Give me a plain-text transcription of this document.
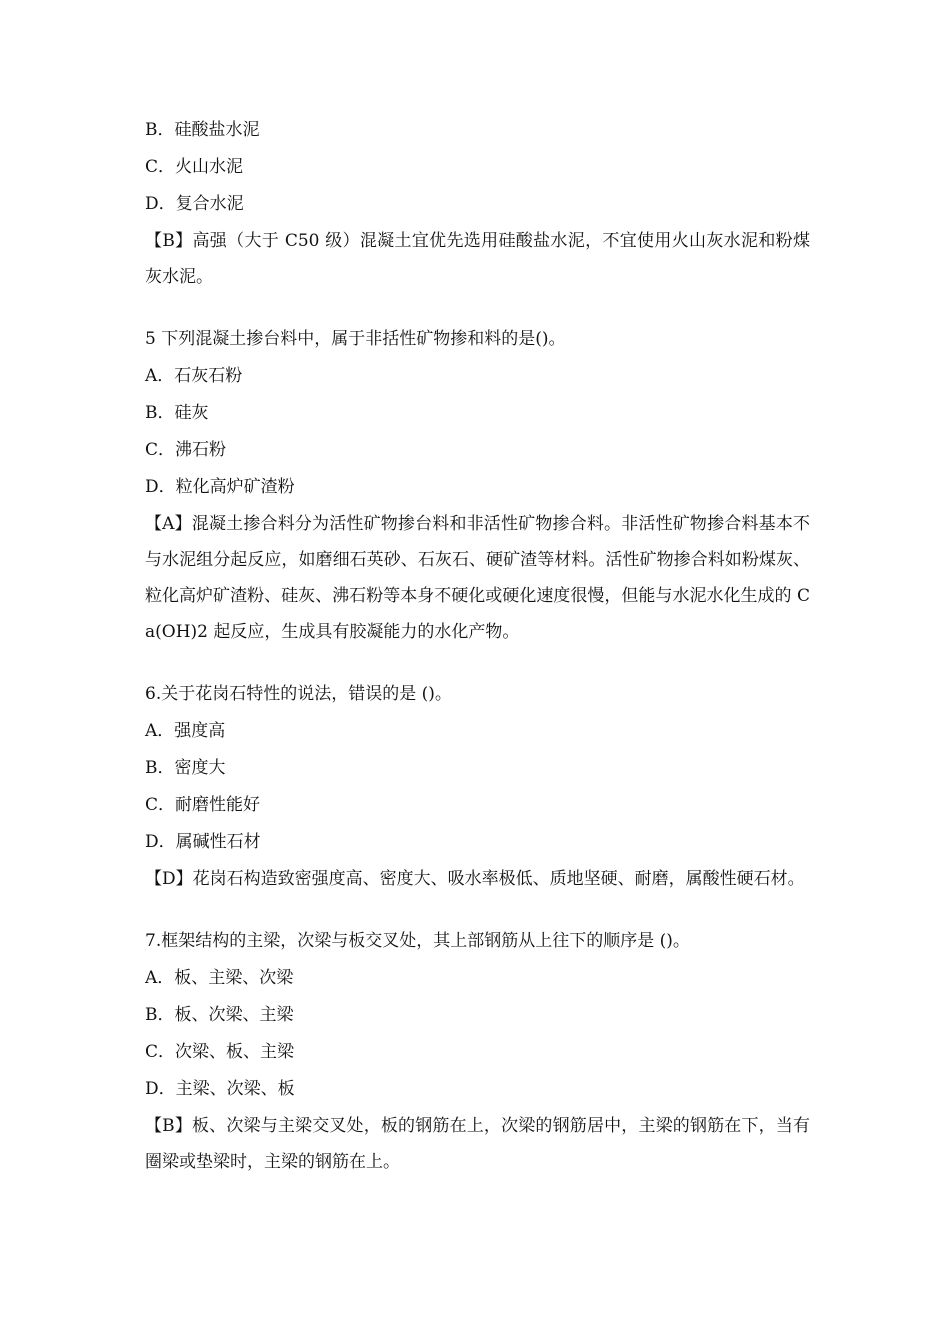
B．硅酸盐水泥
C．火山水泥
D．复合水泥
【B】高强（大于 C50 级）混凝土宜优先选用硅酸盐水泥，不宜使用火山灰水泥和粉煤灰水泥。
5 下列混凝土掺台料中，属于非括性矿物掺和料的是()。
A．石灰石粉
B．硅灰
C．沸石粉
D．粒化高炉矿渣粉
【A】混凝土掺合料分为活性矿物掺台料和非活性矿物掺合料。非活性矿物掺合料基本不与水泥组分起反应，如磨细石英砂、石灰石、硬矿渣等材料。活性矿物掺合料如粉煤灰、粒化高炉矿渣粉、硅灰、沸石粉等本身不硬化或硬化速度很慢，但能与水泥水化生成的 Ca(OH)2 起反应，生成具有胶凝能力的水化产物。
6.关于花岗石特性的说法，错误的是 ()。
A．强度高
B．密度大
C．耐磨性能好
D．属碱性石材
【D】花岗石构造致密强度高、密度大、吸水率极低、质地坚硬、耐磨，属酸性硬石材。
7.框架结构的主梁，次梁与板交叉处，其上部钢筋从上往下的顺序是 ()。
A．板、主梁、次梁
B．板、次梁、主梁
C．次梁、板、主梁
D．主梁、次梁、板
【B】板、次梁与主梁交叉处，板的钢筋在上，次梁的钢筋居中，主梁的钢筋在下，当有圈梁或垫梁时，主梁的钢筋在上。
